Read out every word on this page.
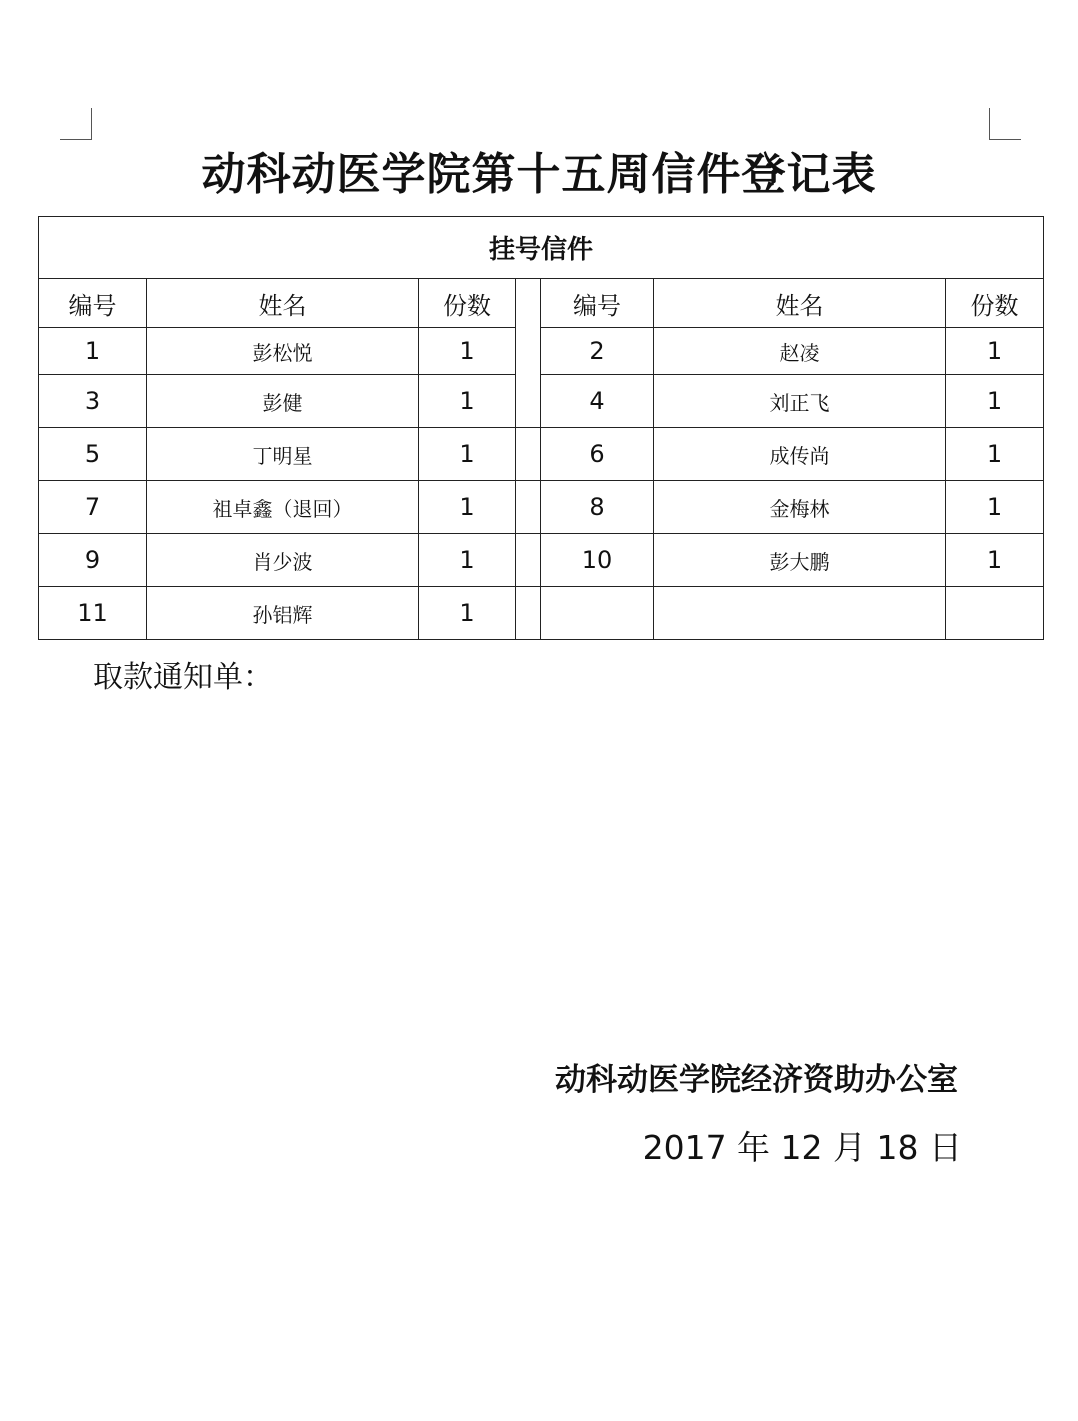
动科动医学院第十五周信件登记表
挂号信件						
编号	姓名	份数		编号	姓名	份数
1	彭松悦	1		2	赵凌	1
3	彭健	1		4	刘正飞	1
5	丁明星	1		6	成传尚	1
7	祖卓鑫（退回）	1		8	金梅林	1
9	肖少波	1		10	彭大鹏	1
11	孙铝辉	1				
取款通知单：
动科动医学院经济资助办公室
2017 年 12 月 18 日
